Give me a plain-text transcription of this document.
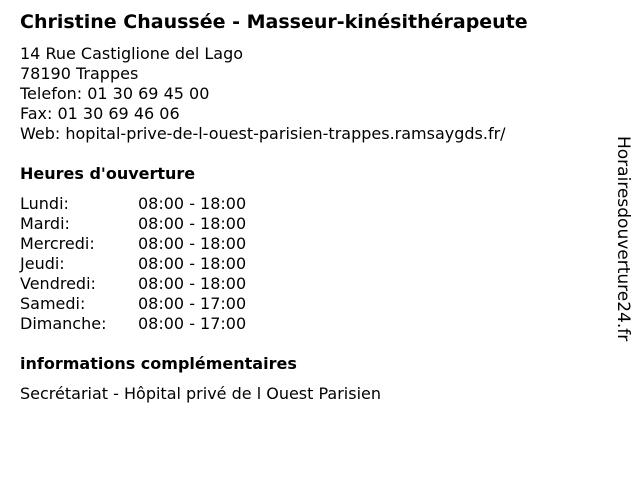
Christine Chaussée - Masseur-kinésithérapeute
14 Rue Castiglione del Lago
78190 Trappes
Telefon: 01 30 69 45 00
Fax: 01 30 69 46 06
Web: hopital-prive-de-l-ouest-parisien-trappes.ramsaygds.fr/
Heures d'ouverture
Lundi:	08:00 - 18:00
Mardi:	08:00 - 18:00
Mercredi:	08:00 - 18:00
Jeudi:	08:00 - 18:00
Vendredi:	08:00 - 18:00
Samedi:	08:00 - 17:00
Dimanche:	08:00 - 17:00
informations complémentaires
Secrétariat - Hôpital privé de l Ouest Parisien
Horairesdouverture24.fr
